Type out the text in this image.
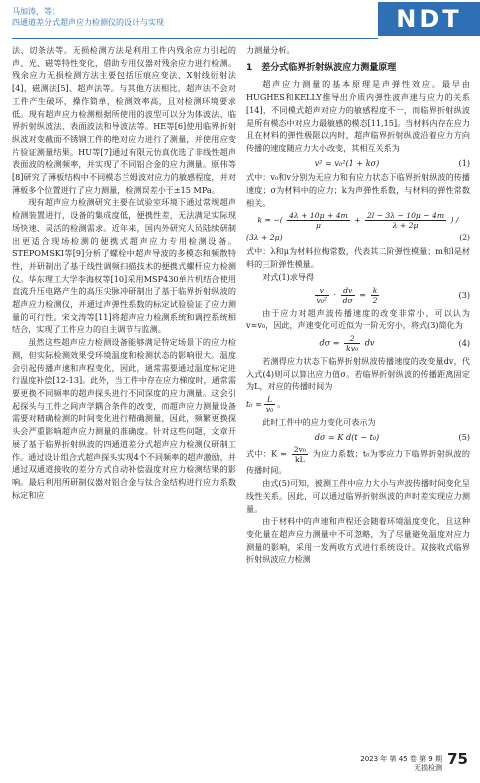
马加涛，等：
四通道差分式超声应力检测仪的设计与实现	NDT

法、切条法等。无损检测方法是利用工件内残余应力引起的声、光、磁等特性变化，借助专用仪器对残余应力进行检测。残余应力无损检测方法主要包括压痕应变法、X射线衍射法[4]、磁测法[5]、超声法等。与其他方法相比，超声法不会对工件产生破坏，操作简单，检测效率高，且对检测环境要求低。现有超声应力检测根据所使用的波型可以分为体波法、临界折射纵波法、表面波法和导波法等。HE等[6]使用临界折射纵波对变截面不锈钢工件的绝对应力进行了测量，并使用应变片验证测量结果。HU等[7]通过有限元仿真优选了非线性超声表面波的检测频率，并实现了不同铝合金的应力测量。原伟等[8]研究了薄板结构中不同模态兰姆波对应力的敏感程度，并对薄板多个位置进行了应力测量，检测误差小于±15 MPa。

现有超声应力检测研究主要在试验室环境下通过常规超声检测装置进行，设备的集成度低，便携性差，无法满足实际现场快速、灵活的检测需求。近年来，国内外研究人员陆续研制出更适合现场检测的便携式超声应力专用检测设备。STEPOMSKI等[9]分析了螺栓中超声导波的多模态和频散特性，并研制出了基于线性调频扫描技术的便携式螺杆应力检测仪。华东理工大学李海权等[10]采用MSP430单片机结合使用直流升压电路产生的高压尖脉冲研制出了基于临界折射纵波的超声应力检测仪，并通过声弹性系数的标定试验验证了应力测量的可行性。宋文涛等[11]将超声应力检测系统和调控系统相结合，实现了工件应力的自主调节与监测。

虽然这些超声应力检测设备能够满足特定场景下的应力检测，但实际检测效果受环境温度和检测状态的影响很大。温度会引起传播声速和声程变化，因此，通常需要通过温度标定进行温度补偿[12-13]。此外，当工件中存在应力梯度时，通常需要更换不同频率的超声探头进行不同深度的应力测量。这会引起探头与工件之间声学耦合条件的改变，而超声应力测量设备需要对精确检测的时间变化进行精确测量，因此，频繁更换探头会严重影响超声应力测量的准确度。针对这些问题，文章开展了基于临界折射纵波的四通道差分式超声应力检测仪研制工作。通过设计组合式超声探头实现4个不同频率的超声激励，并通过双通道接收的差分方式自动补偿温度对应力检测结果的影响。最后利用所研制仪器对铝合金与钛合金结构进行应力系数标定和应

力测量分析。

1　差分式临界折射纵波应力测量原理

超声应力测量的基本原理是声弹性效应。最早由HUGHES和KELLY推导出介质内弹性波声速与应力的关系[14]，不同模式超声对应力的敏感程度不一，而临界折射纵波是所有模态中对应力最敏感的模态[11,15]。当材料内存在应力且在材料的弹性极限以内时，超声临界折射纵波沿着应力方向传播的速度随应力大小改变，其相互关系为

v² = v₀²(1 + kσ)	(1)

式中：v₀和v分别为无应力和有应力状态下临界折射纵波的传播速度；σ为材料中的应力；k为声弹性系数，与材料的弹性常数相关。

k = −( $\frac{4\lambda + 10\mu + 4m}{\mu} + \frac{2l - 3\lambda - 10\mu - 4m}{\lambda + 2\mu}$ ) /
(3λ + 2μ)	(2)

式中：λ和μ为材料拉梅常数，代表其二阶弹性模量；m和l是材料的三阶弹性模量。

对式(1)求导得

$\frac{v}{\text{v₀²}} \cdot \frac{dv}{d\sigma} = \frac{k}{2}$	(3)

由于应力对超声波传播速度的改变非常小，可以认为v≈v₀，因此，声速变化可近似为一阶无穷小，将式(3)简化为

$d\sigma = \frac{2}{\text{kv₀}}$ dv	(4)

若测得应力状态下临界折射纵波传播速度的改变量dv，代入式(4)则可以算出应力值σ。若临界折射纵波的传播距离固定为L，对应的传播时间为

$t_0 \approx \frac{L}{\text{v₀}}$ 。

此时工件中的应力变化可表示为

dσ = K d(t − t₀)	(5)

式中：$K = \frac{\text{2v₀}}{kL}$ 为应力系数；t₀为零应力下临界折射纵波的传播时间。

由式(5)可知，被测工件中应力大小与声波传播时间变化呈线性关系。因此，可以通过临界折射纵波的声时差实现应力测量。

由于材料中的声速和声程还会随着环境温度变化，且这种变化量在超声应力测量中不可忽略，为了尽量避免温度对应力测量的影响，采用一发两收方式进行系统设计。双接收式临界折射纵波应力检测

2023 年 第 45 卷 第 9 期
无损检测 75
